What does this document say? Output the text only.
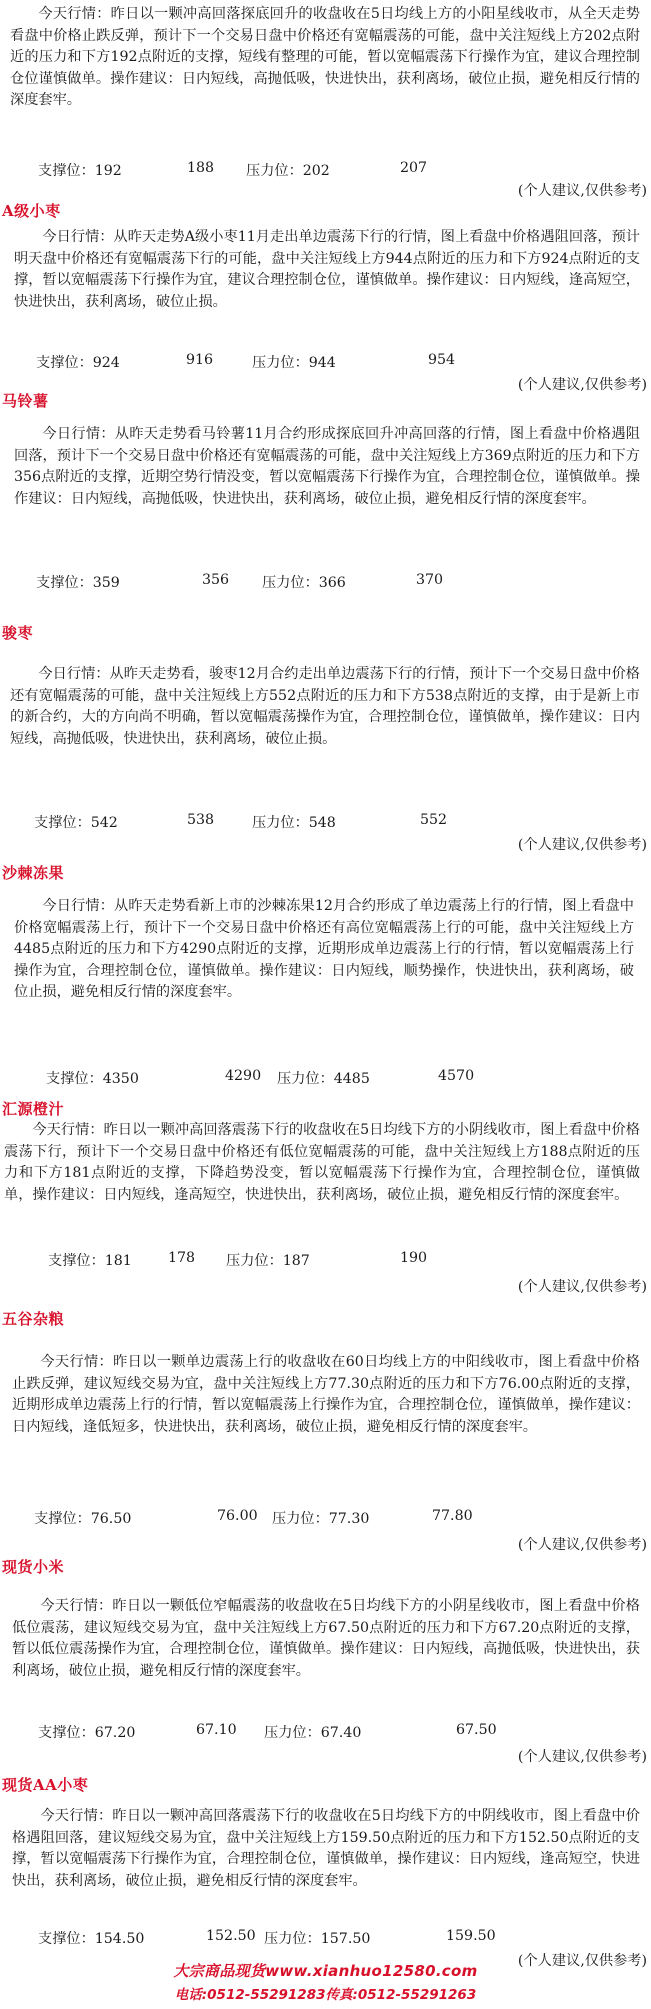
今天行情：昨日以一颗冲高回落探底回升的收盘收在5日均线上方的小阳星线收市，从全天走势看盘中价格止跌反弹，预计下一个交易日盘中价格还有宽幅震荡的可能，盘中关注短线上方202点附近的压力和下方192点附近的支撑，短线有整理的可能，暂以宽幅震荡下行操作为宜，建议合理控制仓位谨慎做单。操作建议：日内短线，高抛低吸，快进快出，获利离场，破位止损，避免相反行情的深度套牢。

支撑位：192	188 压力位：202	207
(个人建议,仅供参考)
A级小枣

今日行情：从昨天走势A级小枣11月走出单边震荡下行的行情，图上看盘中价格遇阻回落，预计明天盘中价格还有宽幅震荡下行的可能，盘中关注短线上方944点附近的压力和下方924点附近的支撑，暂以宽幅震荡下行操作为宜，建议合理控制仓位，谨慎做单。操作建议：日内短线，逢高短空，快进快出，获利离场，破位止损。

支撑位：924	916	压力位：944	954
(个人建议,仅供参考)
马铃薯

今日行情：从昨天走势看马铃薯11月合约形成探底回升冲高回落的行情，图上看盘中价格遇阻回落，预计下一个交易日盘中价格还有宽幅震荡的可能，盘中关注短线上方369点附近的压力和下方356点附近的支撑，近期空势行情没变，暂以宽幅震荡下行操作为宜，合理控制仓位，谨慎做单。操作建议：日内短线，高抛低吸，快进快出，获利离场，破位止损，避免相反行情的深度套牢。

支撑位：359	356 压力位：366	370
骏枣

今日行情：从昨天走势看，骏枣12月合约走出单边震荡下行的行情，预计下一个交易日盘中价格还有宽幅震荡的可能，盘中关注短线上方552点附近的压力和下方538点附近的支撑，由于是新上市的新合约，大的方向尚不明确，暂以宽幅震荡操作为宜，合理控制仓位，谨慎做单，操作建议：日内短线，高抛低吸，快进快出，获利离场，破位止损。

支撑位：542	538	压力位：548	552
(个人建议,仅供参考)
沙棘冻果

今日行情：从昨天走势看新上市的沙棘冻果12月合约形成了单边震荡上行的行情，图上看盘中价格宽幅震荡上行，预计下一个交易日盘中价格还有高位宽幅震荡上行的可能，盘中关注短线上方4485点附近的压力和下方4290点附近的支撑，近期形成单边震荡上行的行情，暂以宽幅震荡上行操作为宜，合理控制仓位，谨慎做单。操作建议：日内短线，顺势操作，快进快出，获利离场，破位止损，避免相反行情的深度套牢。

支撑位：4350	4290 压力位：4485	4570
汇源橙汁

今天行情：昨日以一颗冲高回落震荡下行的收盘收在5日均线下方的小阴线收市，图上看盘中价格震荡下行，预计下一个交易日盘中价格还有低位宽幅震荡的可能，盘中关注短线上方188点附近的压力和下方181点附近的支撑，下降趋势没变，暂以宽幅震荡下行操作为宜，合理控制仓位，谨慎做单，操作建议：日内短线，逢高短空，快进快出，获利离场，破位止损，避免相反行情的深度套牢。

支撑位：181	178 压力位：187	190
(个人建议,仅供参考)
五谷杂粮

今天行情：昨日以一颗单边震荡上行的收盘收在60日均线上方的中阳线收市，图上看盘中价格止跌反弹，建议短线交易为宜，盘中关注短线上方77.30点附近的压力和下方76.00点附近的支撑，近期形成单边震荡上行的行情，暂以宽幅震荡上行操作为宜，合理控制仓位，谨慎做单，操作建议：日内短线，逢低短多，快进快出，获利离场，破位止损，避免相反行情的深度套牢。

支撑位：76.50	76.00 压力位：77.30	77.80
(个人建议,仅供参考)
现货小米

今天行情：昨日以一颗低位窄幅震荡的收盘收在5日均线下方的小阴星线收市，图上看盘中价格低位震荡，建议短线交易为宜，盘中关注短线上方67.50点附近的压力和下方67.20点附近的支撑，暂以低位震荡操作为宜，合理控制仓位，谨慎做单。操作建议：日内短线，高抛低吸，快进快出，获利离场，破位止损，避免相反行情的深度套牢。

支撑位：67.20	67.10 压力位：67.40	67.50
(个人建议,仅供参考)
现货AA小枣

今天行情：昨日以一颗冲高回落震荡下行的收盘收在5日均线下方的中阴线收市，图上看盘中价格遇阻回落，建议短线交易为宜，盘中关注短线上方159.50点附近的压力和下方152.50点附近的支撑，暂以宽幅震荡下行操作为宜，合理控制仓位，谨慎做单，操作建议：日内短线，逢高短空，快进快出，获利离场，破位止损，避免相反行情的深度套牢。

支撑位：154.50	152.50 压力位：157.50	159.50
(个人建议,仅供参考)
大宗商品现货www.xianhuo12580.com
电话:0512-55291283传真:0512-55291263
